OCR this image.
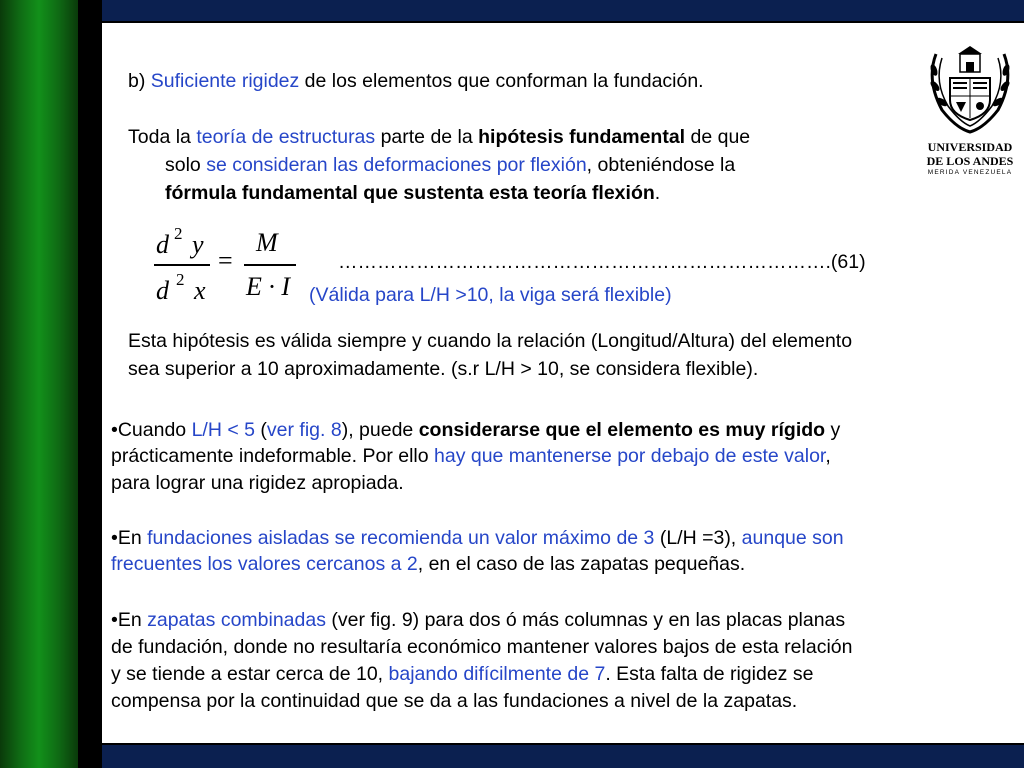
UNIVERSIDAD
DE LOS ANDES
MERIDA VENEZUELA
b) Suficiente rigidez de los elementos que conforman la fundación.
Toda la teoría de estructuras parte de la hipótesis fundamental de que
solo se consideran las deformaciones por flexión, obteniéndose la
fórmula fundamental que sustenta esta teoría flexión.
d 2 y
d 2 x
=
M
E · I
………………………………………………………………….(61)
(Válida para L/H >10, la viga será flexible)
Esta hipótesis es válida siempre y cuando la relación (Longitud/Altura) del elemento
sea superior a 10 aproximadamente. (s.r L/H > 10, se considera flexible).
•Cuando L/H < 5 (ver fig. 8), puede considerarse que el elemento es muy rígido y
prácticamente indeformable. Por ello hay que mantenerse por debajo de este valor,
para lograr una rigidez apropiada.
•En fundaciones aisladas se recomienda un valor máximo de 3 (L/H =3), aunque son
frecuentes los valores cercanos a 2, en el caso de las zapatas pequeñas.
•En zapatas combinadas (ver fig. 9) para dos ó más columnas y en las placas planas
de fundación, donde no resultaría económico mantener valores bajos de esta relación
y se tiende a estar cerca de 10, bajando difícilmente de 7. Esta falta de rigidez se
compensa por la continuidad que se da a las fundaciones a nivel de la zapatas.
